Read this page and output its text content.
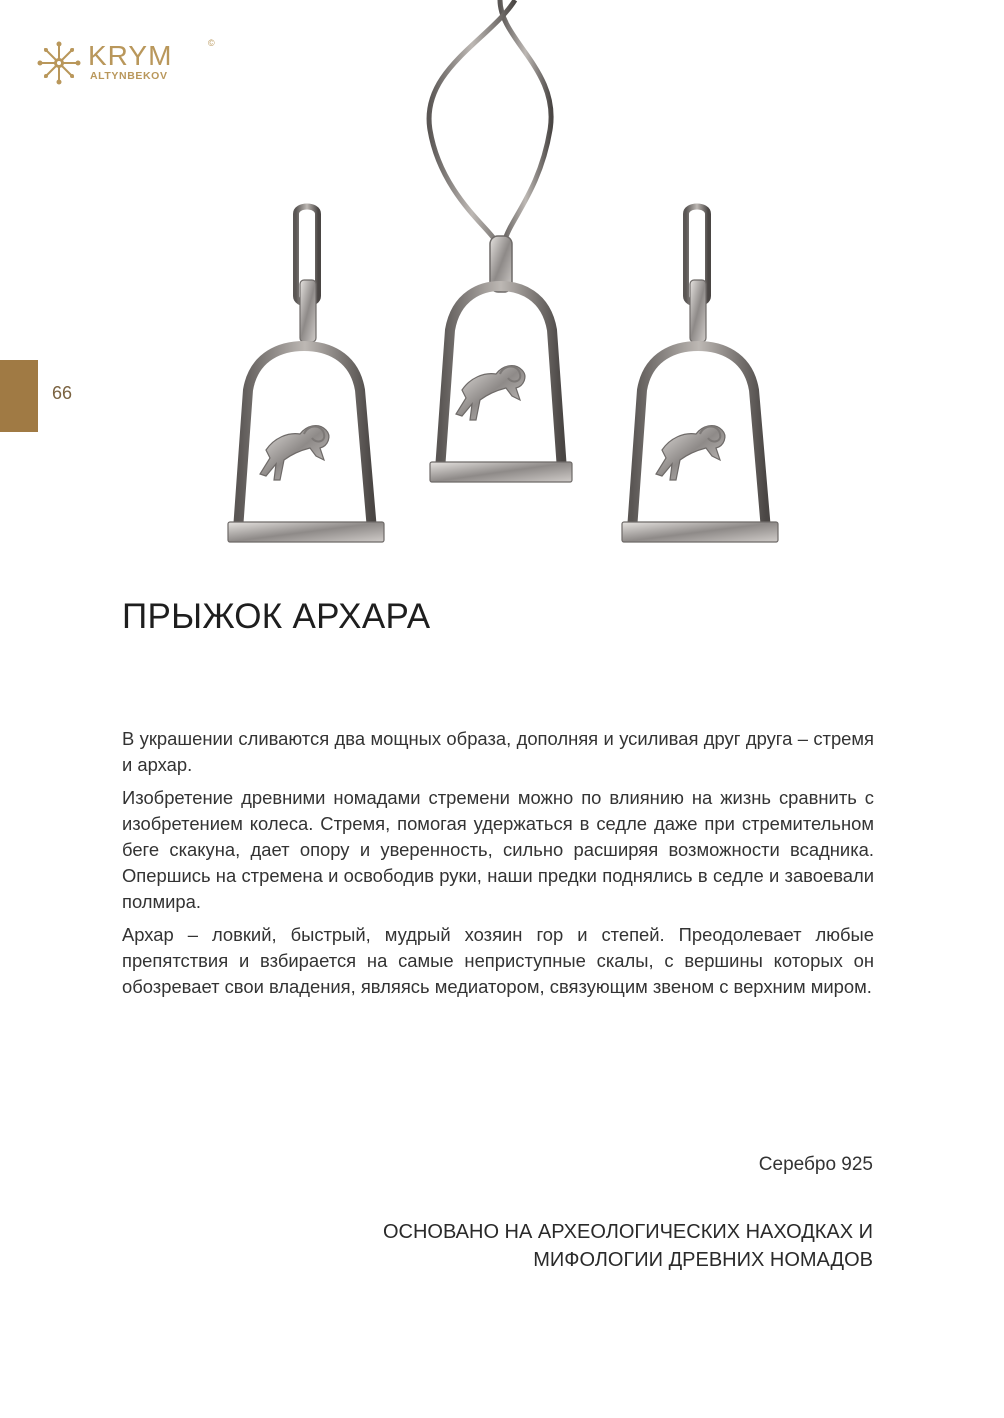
KRYM
ALTYNBEKOV
©
66
ПРЫЖОК АРХАРА

В украшении сливаются два мощных образа, дополняя и усиливая друг друга – стремя и архар.

Изобретение древними номадами стремени можно по влиянию на жизнь сравнить с изобретением колеса. Стремя, помогая удержаться в седле даже при стремительном беге скакуна, дает опору и уверенность, сильно расширяя возможности всадника. Опершись на стремена и освободив руки, наши предки поднялись в седле и завоевали полмира.

Архар – ловкий, быстрый, мудрый хозяин гор и степей. Преодолевает любые препятствия и взбирается на самые неприступные скалы, с вершины которых он обозревает свои владения, являясь медиатором, связующим звеном с верхним миром.

Серебро 925
ОСНОВАНО НА АРХЕОЛОГИЧЕСКИХ НАХОДКАХ И
МИФОЛОГИИ ДРЕВНИХ НОМАДОВ
